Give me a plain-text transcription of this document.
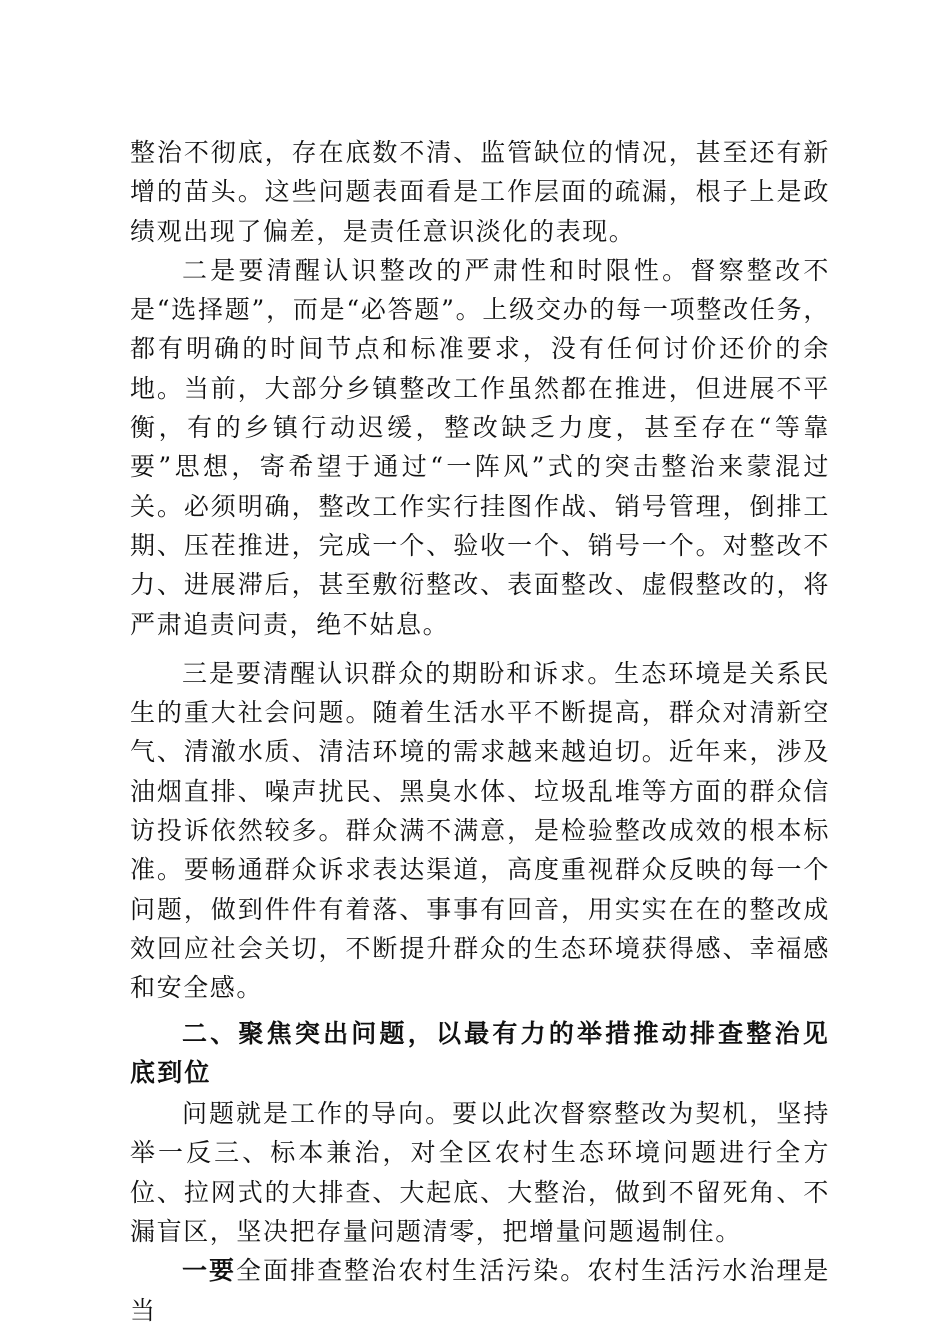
整治不彻底，存在底数不清、监管缺位的情况，甚至还有新增的苗头。这些问题表面看是工作层面的疏漏，根子上是政绩观出现了偏差，是责任意识淡化的表现。

二是要清醒认识整改的严肃性和时限性。督察整改不是“选择题”，而是“必答题”。上级交办的每一项整改任务，都有明确的时间节点和标准要求，没有任何讨价还价的余地。当前，大部分乡镇整改工作虽然都在推进，但进展不平衡，有的乡镇行动迟缓，整改缺乏力度，甚至存在“等靠要”思想，寄希望于通过“一阵风”式的突击整治来蒙混过关。必须明确，整改工作实行挂图作战、销号管理，倒排工期、压茬推进，完成一个、验收一个、销号一个。对整改不力、进展滞后，甚至敷衍整改、表面整改、虚假整改的，将严肃追责问责，绝不姑息。

三是要清醒认识群众的期盼和诉求。生态环境是关系民生的重大社会问题。随着生活水平不断提高，群众对清新空气、清澈水质、清洁环境的需求越来越迫切。近年来，涉及油烟直排、噪声扰民、黑臭水体、垃圾乱堆等方面的群众信访投诉依然较多。群众满不满意，是检验整改成效的根本标准。要畅通群众诉求表达渠道，高度重视群众反映的每一个问题，做到件件有着落、事事有回音，用实实在在的整改成效回应社会关切，不断提升群众的生态环境获得感、幸福感和安全感。

二、聚焦突出问题，以最有力的举措推动排查整治见底到位

问题就是工作的导向。要以此次督察整改为契机，坚持举一反三、标本兼治，对全区农村生态环境问题进行全方位、拉网式的大排查、大起底、大整治，做到不留死角、不漏盲区，坚决把存量问题清零，把增量问题遏制住。

一要全面排查整治农村生活污染。农村生活污水治理是当
